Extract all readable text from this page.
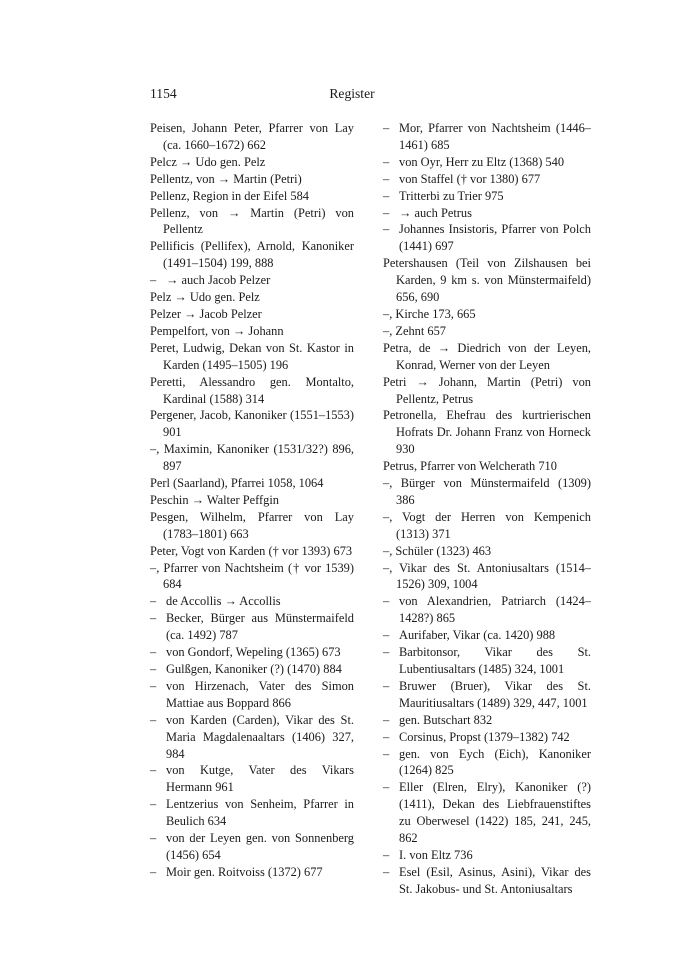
1154	Register
Peisen, Johann Peter, Pfarrer von Lay (ca. 1660–1672) 662
Pelcz → Udo gen. Pelz
Pellentz, von → Martin (Petri)
Pellenz, Region in der Eifel 584
Pellenz, von → Martin (Petri) von Pellentz
Pellificis (Pellifex), Arnold, Kanoniker (1491–1504) 199, 888
– → auch Jacob Pelzer
Pelz → Udo gen. Pelz
Pelzer → Jacob Pelzer
Pempelfort, von → Johann
Peret, Ludwig, Dekan von St. Kastor in Karden (1495–1505) 196
Peretti, Alessandro gen. Montalto, Kardinal (1588) 314
Pergener, Jacob, Kanoniker (1551–1553) 901
–, Maximin, Kanoniker (1531/32?) 896, 897
Perl (Saarland), Pfarrei 1058, 1064
Peschin → Walter Peffgin
Pesgen, Wilhelm, Pfarrer von Lay (1783–1801) 663
Peter, Vogt von Karden († vor 1393) 673
–, Pfarrer von Nachtsheim († vor 1539) 684
– de Accollis → Accollis
– Becker, Bürger aus Münstermaifeld (ca. 1492) 787
– von Gondorf, Wepeling (1365) 673
– Gulßgen, Kanoniker (?) (1470) 884
– von Hirzenach, Vater des Simon Mattiae aus Boppard 866
– von Karden (Carden), Vikar des St. Maria Magdalenaaltars (1406) 327, 984
– von Kutge, Vater des Vikars Hermann 961
– Lentzerius von Senheim, Pfarrer in Beulich 634
– von der Leyen gen. von Sonnenberg (1456) 654
– Moir gen. Roitvoiss (1372) 677
– Mor, Pfarrer von Nachtsheim (1446–1461) 685
– von Oyr, Herr zu Eltz (1368) 540
– von Staffel († vor 1380) 677
– Tritterbi zu Trier 975
– → auch Petrus
– Johannes Insistoris, Pfarrer von Polch (1441) 697
Petershausen (Teil von Zilshausen bei Karden, 9 km s. von Münstermaifeld) 656, 690
–, Kirche 173, 665
–, Zehnt 657
Petra, de → Diedrich von der Leyen, Konrad, Werner von der Leyen
Petri → Johann, Martin (Petri) von Pellentz, Petrus
Petronella, Ehefrau des kurtrierischen Hofrats Dr. Johann Franz von Horneck 930
Petrus, Pfarrer von Welcherath 710
–, Bürger von Münstermaifeld (1309) 386
–, Vogt der Herren von Kempenich (1313) 371
–, Schüler (1323) 463
–, Vikar des St. Antoniusaltars (1514–1526) 309, 1004
– von Alexandrien, Patriarch (1424–1428?) 865
– Aurifaber, Vikar (ca. 1420) 988
– Barbitonsor, Vikar des St. Lubentiusaltars (1485) 324, 1001
– Bruwer (Bruer), Vikar des St. Mauritiusaltars (1489) 329, 447, 1001
– gen. Butschart 832
– Corsinus, Propst (1379–1382) 742
– gen. von Eych (Eich), Kanoniker (1264) 825
– Eller (Elren, Elry), Kanoniker (?) (1411), Dekan des Liebfrauenstiftes zu Oberwesel (1422) 185, 241, 245, 862
– I. von Eltz 736
– Esel (Esil, Asinus, Asini), Vikar des St. Jakobus- und St. Antoniusaltars
